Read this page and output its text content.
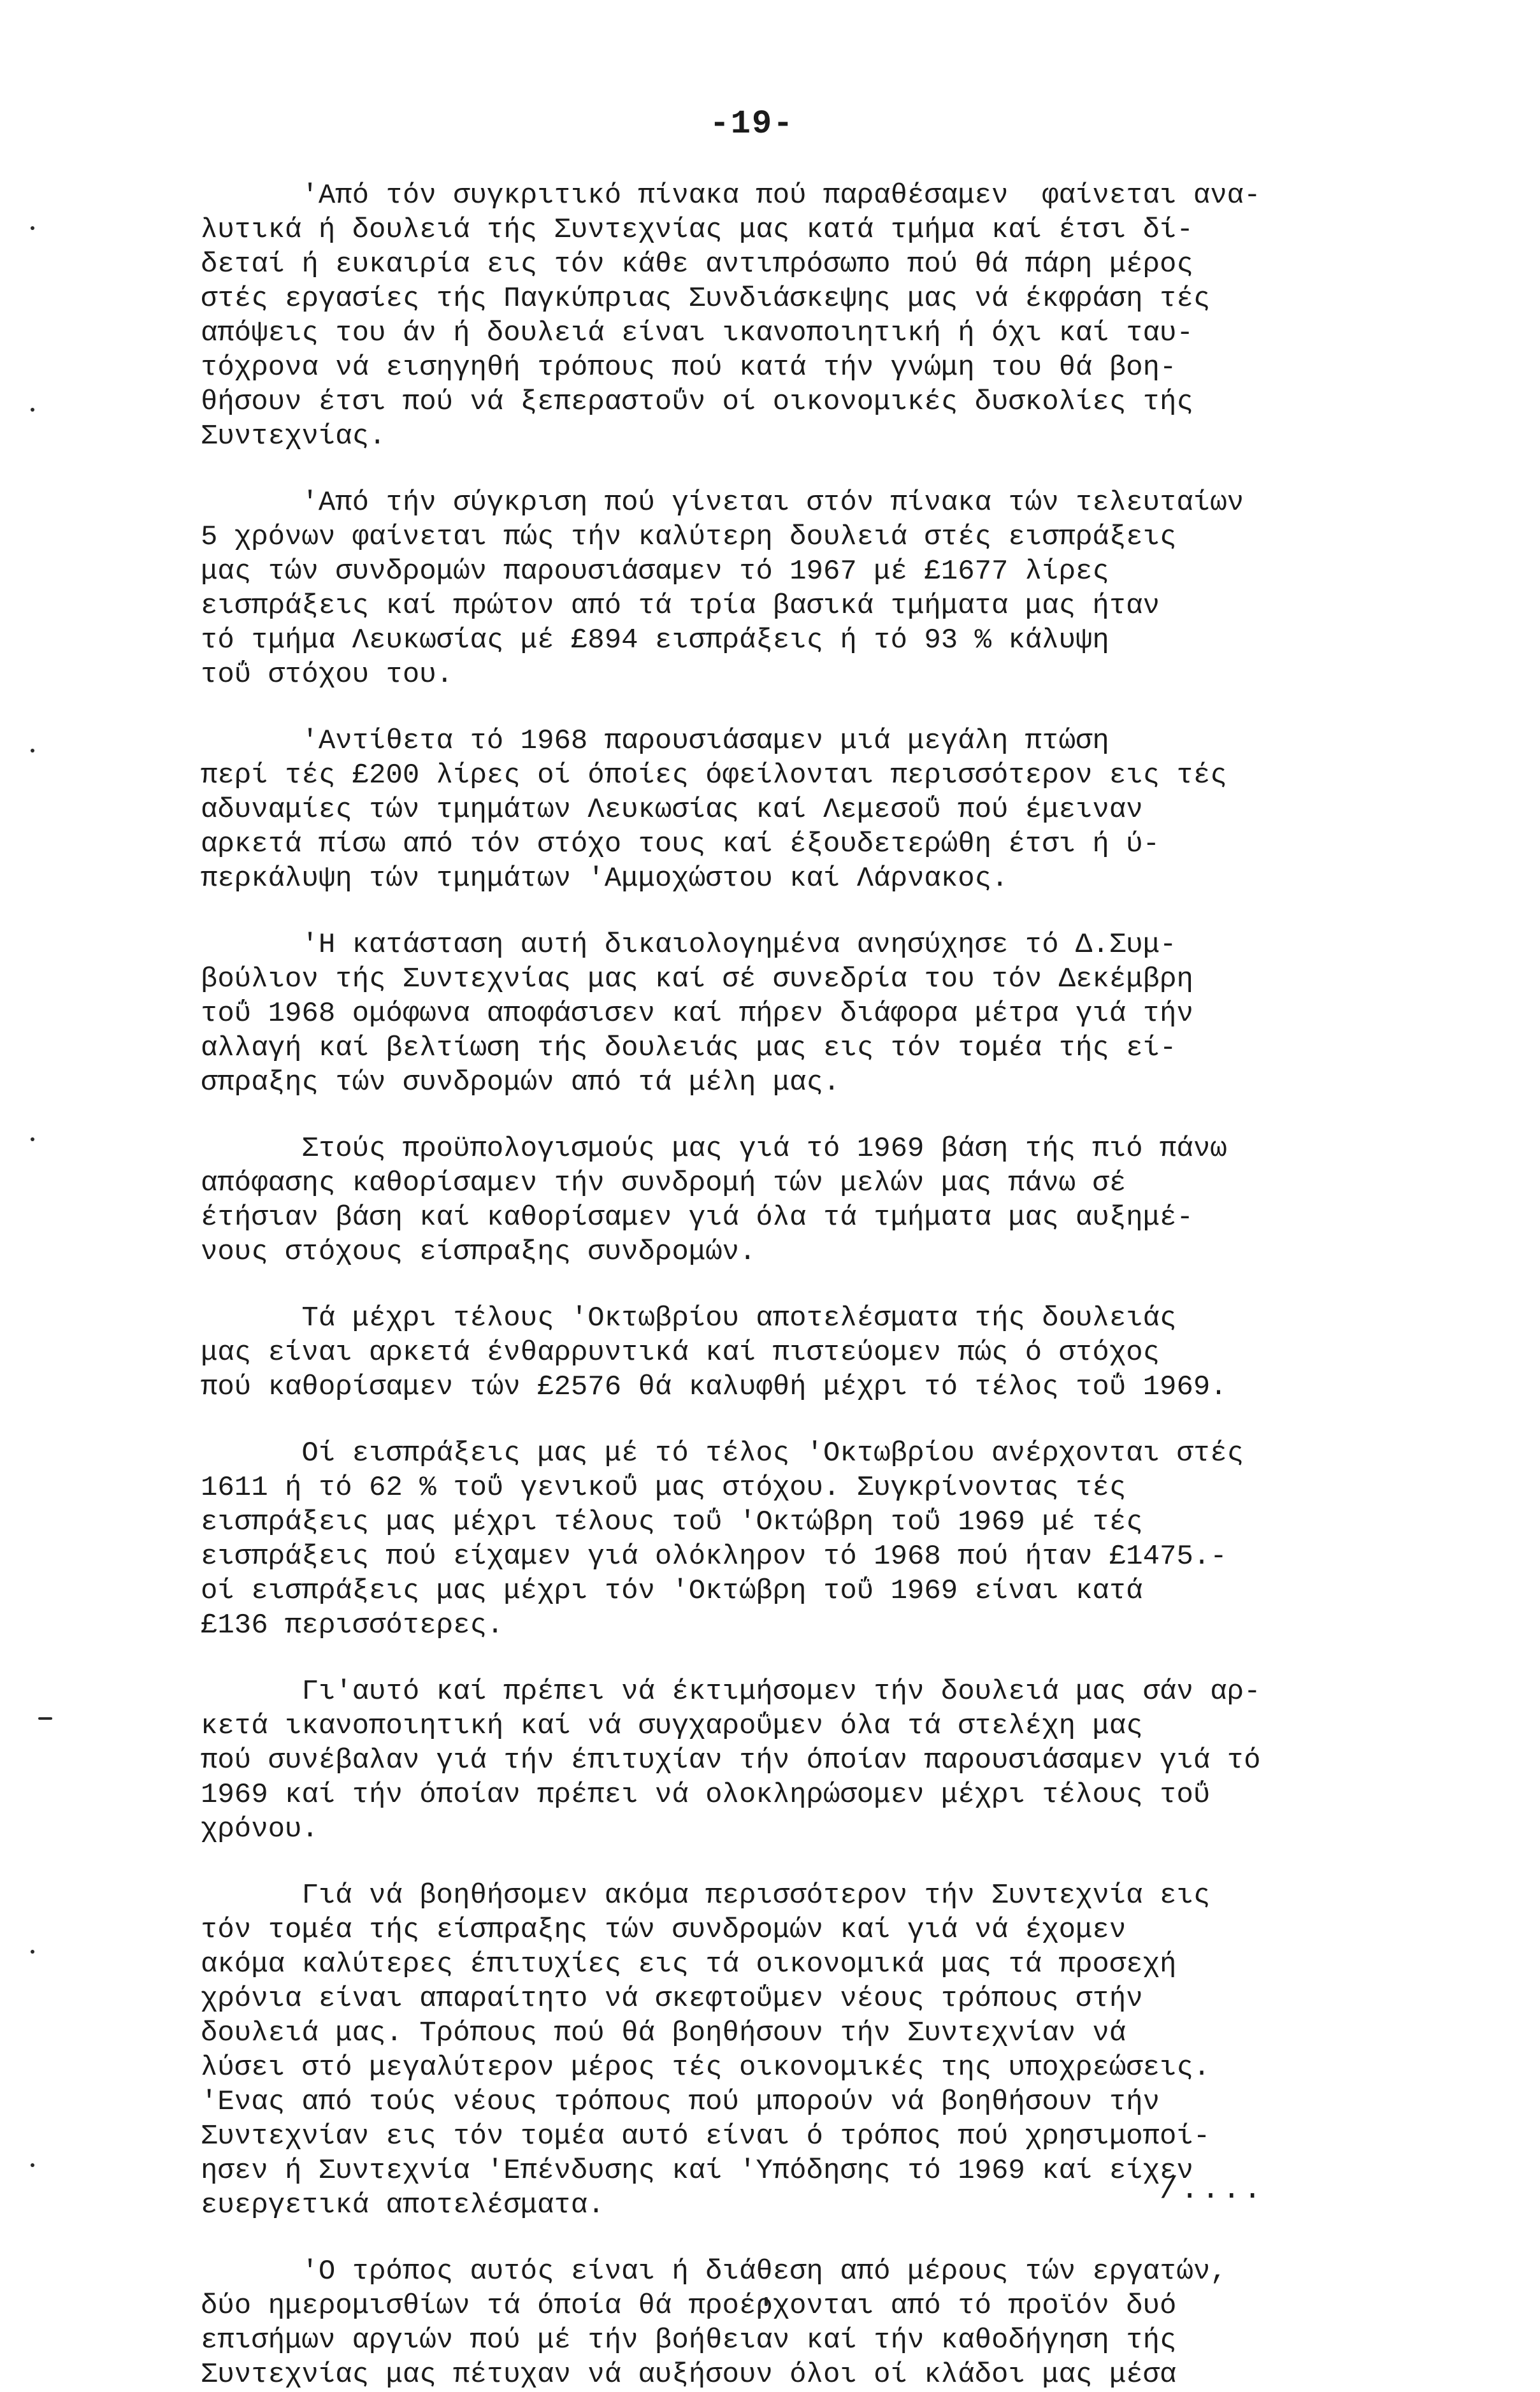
-19-
'Από τόν συγκριτικό πίνακα πού παραθέσαμεν  φαίνεται ανα-
λυτικά ή δουλειά τής Συντεχνίας μας κατά τμήμα καί έτσι δί-
δεταί ή ευκαιρία εις τόν κάθε αντιπρόσωπο πού θά πάρη μέρος
στές εργασίες τής Παγκύπριας Συνδιάσκεψης μας νά έκφράση τές
απόψεις του άν ή δουλειά είναι ικανοποιητική ή όχι καί ταυ-
τόχρονα νά εισηγηθή τρόπους πού κατά τήν γνώμη του θά βοη-
θήσουν έτσι πού νά ξεπεραστοΰν οί οικονομικές δυσκολίες τής
Συντεχνίας.
'Από τήν σύγκριση πού γίνεται στόν πίνακα τών τελευταίων
5 χρόνων φαίνεται πώς τήν καλύτερη δουλειά στές εισπράξεις
μας τών συνδρομών παρουσιάσαμεν τό 1967 μέ £1677 λίρες
εισπράξεις καί πρώτον από τά τρία βασικά τμήματα μας ήταν
τό τμήμα Λευκωσίας μέ £894 εισπράξεις ή τό 93 % κάλυψη
τοΰ στόχου του.
'Αντίθετα τό 1968 παρουσιάσαμεν μιά μεγάλη πτώση
περί τές £200 λίρες οί όποίες όφείλονται περισσότερον εις τές
αδυναμίες τών τμημάτων Λευκωσίας καί Λεμεσοΰ πού έμειναν
αρκετά πίσω από τόν στόχο τους καί έξουδετερώθη έτσι ή ύ-
περκάλυψη τών τμημάτων 'Αμμοχώστου καί Λάρνακος.
'Η κατάσταση αυτή δικαιολογημένα ανησύχησε τό Δ.Συμ-
βούλιον τής Συντεχνίας μας καί σέ συνεδρία του τόν Δεκέμβρη
τοΰ 1968 ομόφωνα αποφάσισεν καί πήρεν διάφορα μέτρα γιά τήν
αλλαγή καί βελτίωση τής δουλειάς μας εις τόν τομέα τής εί-
σπραξης τών συνδρομών από τά μέλη μας.
Στούς προϋπολογισμούς μας γιά τό 1969 βάση τής πιό πάνω
απόφασης καθορίσαμεν τήν συνδρομή τών μελών μας πάνω σέ
έτήσιαν βάση καί καθορίσαμεν γιά όλα τά τμήματα μας αυξημέ-
νους στόχους είσπραξης συνδρομών.
Τά μέχρι τέλους 'Οκτωβρίου αποτελέσματα τής δουλειάς
μας είναι αρκετά ένθαρρυντικά καί πιστεύομεν πώς ό στόχος
πού καθορίσαμεν τών £2576 θά καλυφθή μέχρι τό τέλος τοΰ 1969.
Οί εισπράξεις μας μέ τό τέλος 'Οκτωβρίου ανέρχονται στές
1611 ή τό 62 % τοΰ γενικοΰ μας στόχου. Συγκρίνοντας τές
εισπράξεις μας μέχρι τέλους τοΰ 'Οκτώβρη τοΰ 1969 μέ τές
εισπράξεις πού είχαμεν γιά ολόκληρον τό 1968 πού ήταν £1475.-
οί εισπράξεις μας μέχρι τόν 'Οκτώβρη τοΰ 1969 είναι κατά
£136 περισσότερες.
Γι'αυτό καί πρέπει νά έκτιμήσομεν τήν δουλειά μας σάν αρ-
κετά ικανοποιητική καί νά συγχαροΰμεν όλα τά στελέχη μας
πού συνέβαλαν γιά τήν έπιτυχίαν τήν όποίαν παρουσιάσαμεν γιά τό
1969 καί τήν όποίαν πρέπει νά ολοκληρώσομεν μέχρι τέλους τοΰ
χρόνου.
Γιά νά βοηθήσομεν ακόμα περισσότερον τήν Συντεχνία εις
τόν τομέα τής είσπραξης τών συνδρομών καί γιά νά έχομεν
ακόμα καλύτερες έπιτυχίες εις τά οικονομικά μας τά προσεχή
χρόνια είναι απαραίτητο νά σκεφτοΰμεν νέους τρόπους στήν
δουλειά μας. Τρόπους πού θά βοηθήσουν τήν Συντεχνίαν νά
λύσει στό μεγαλύτερον μέρος τές οικονομικές της υποχρεώσεις.
'Ενας από τούς νέους τρόπους πού μπορούν νά βοηθήσουν τήν
Συντεχνίαν εις τόν τομέα αυτό είναι ό τρόπος πού χρησιμοποί-
ησεν ή Συντεχνία 'Επένδυσης καί 'Υπόδησης τό 1969 καί είχεν
ευεργετικά αποτελέσματα.
'Ο τρόπος αυτός είναι ή διάθεση από μέρους τών εργατών,
δύο ημερομισθίων τά όποία θά προέρχονται από τό προϊόν δυό
επισήμων αργιών πού μέ τήν βοήθειαν καί τήν καθοδήγηση τής
Συντεχνίας μας πέτυχαν νά αυξήσουν όλοι οί κλάδοι μας μέσα
/....
